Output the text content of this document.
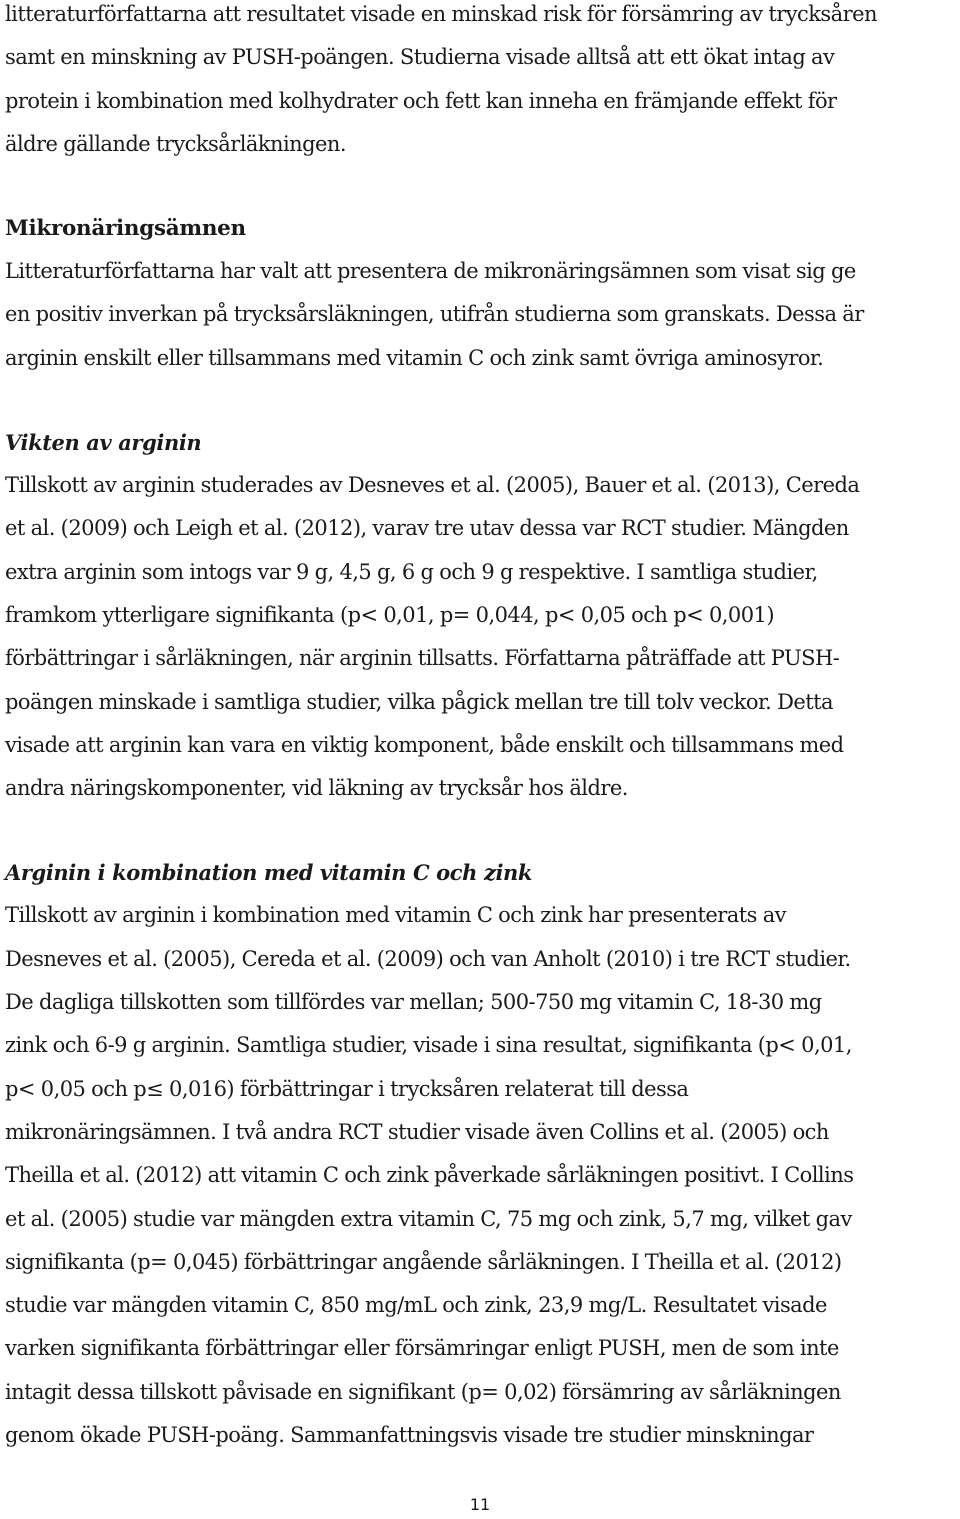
litteraturförfattarna att resultatet visade en minskad risk för försämring av trycksåren
samt en minskning av PUSH-poängen. Studierna visade alltså att ett ökat intag av
protein i kombination med kolhydrater och fett kan inneha en främjande effekt för
äldre gällande trycksårläkningen.

Mikronäringsämnen

Litteraturförfattarna har valt att presentera de mikronäringsämnen som visat sig ge
en positiv inverkan på trycksårsläkningen, utifrån studierna som granskats. Dessa är
arginin enskilt eller tillsammans med vitamin C och zink samt övriga aminosyror.

Vikten av arginin

Tillskott av arginin studerades av Desneves et al. (2005), Bauer et al. (2013), Cereda
et al. (2009) och Leigh et al. (2012), varav tre utav dessa var RCT studier. Mängden
extra arginin som intogs var 9 g, 4,5 g, 6 g och 9 g respektive. I samtliga studier,
framkom ytterligare signifikanta (p< 0,01, p= 0,044, p< 0,05 och p< 0,001)
förbättringar i sårläkningen, när arginin tillsatts. Författarna påträffade att PUSH-
poängen minskade i samtliga studier, vilka pågick mellan tre till tolv veckor. Detta
visade att arginin kan vara en viktig komponent, både enskilt och tillsammans med
andra näringskomponenter, vid läkning av trycksår hos äldre.

Arginin i kombination med vitamin C och zink

Tillskott av arginin i kombination med vitamin C och zink har presenterats av
Desneves et al. (2005), Cereda et al. (2009) och van Anholt (2010) i tre RCT studier.
De dagliga tillskotten som tillfördes var mellan; 500-750 mg vitamin C, 18-30 mg
zink och 6-9 g arginin. Samtliga studier, visade i sina resultat, signifikanta (p< 0,01,
p< 0,05 och p≤ 0,016) förbättringar i trycksåren relaterat till dessa
mikronäringsämnen. I två andra RCT studier visade även Collins et al. (2005) och
Theilla et al. (2012) att vitamin C och zink påverkade sårläkningen positivt. I Collins
et al. (2005) studie var mängden extra vitamin C, 75 mg och zink, 5,7 mg, vilket gav
signifikanta (p= 0,045) förbättringar angående sårläkningen. I Theilla et al. (2012)
studie var mängden vitamin C, 850 mg/mL och zink, 23,9 mg/L. Resultatet visade
varken signifikanta förbättringar eller försämringar enligt PUSH, men de som inte
intagit dessa tillskott påvisade en signifikant (p= 0,02) försämring av sårläkningen
genom ökade PUSH-poäng. Sammanfattningsvis visade tre studier minskningar

11
